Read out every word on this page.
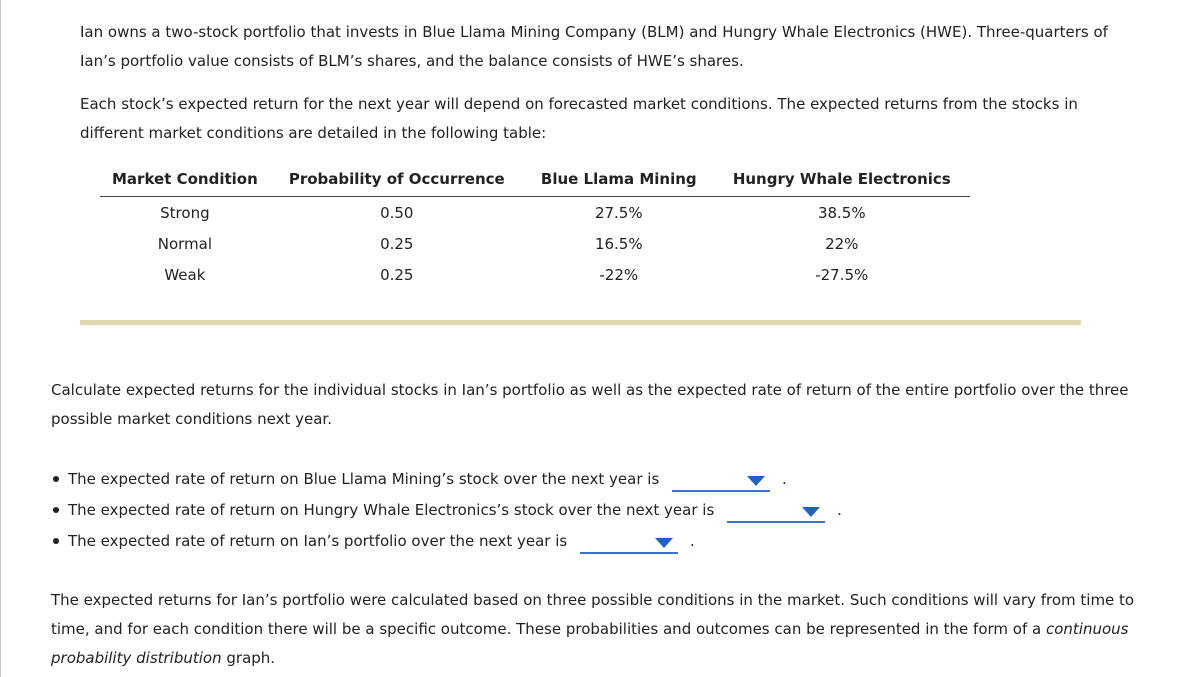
Ian owns a two-stock portfolio that invests in Blue Llama Mining Company (BLM) and Hungry Whale Electronics (HWE). Three-quarters of Ian’s portfolio value consists of BLM’s shares, and the balance consists of HWE’s shares.

Each stock’s expected return for the next year will depend on forecasted market conditions. The expected returns from the stocks in different market conditions are detailed in the following table:

Market Condition	Probability of Occurrence	Blue Llama Mining	Hungry Whale Electronics
Strong	0.50	27.5%	38.5%
Normal	0.25	16.5%	22%
Weak	0.25	-22%	-27.5%

Calculate expected returns for the individual stocks in Ian’s portfolio as well as the expected rate of return of the entire portfolio over the three possible market conditions next year.

The expected rate of return on Blue Llama Mining’s stock over the next year is	.
The expected rate of return on Hungry Whale Electronics’s stock over the next year is	.
The expected rate of return on Ian’s portfolio over the next year is	.

The expected returns for Ian’s portfolio were calculated based on three possible conditions in the market. Such conditions will vary from time to time, and for each condition there will be a specific outcome. These probabilities and outcomes can be represented in the form of a continuous probability distribution graph.
